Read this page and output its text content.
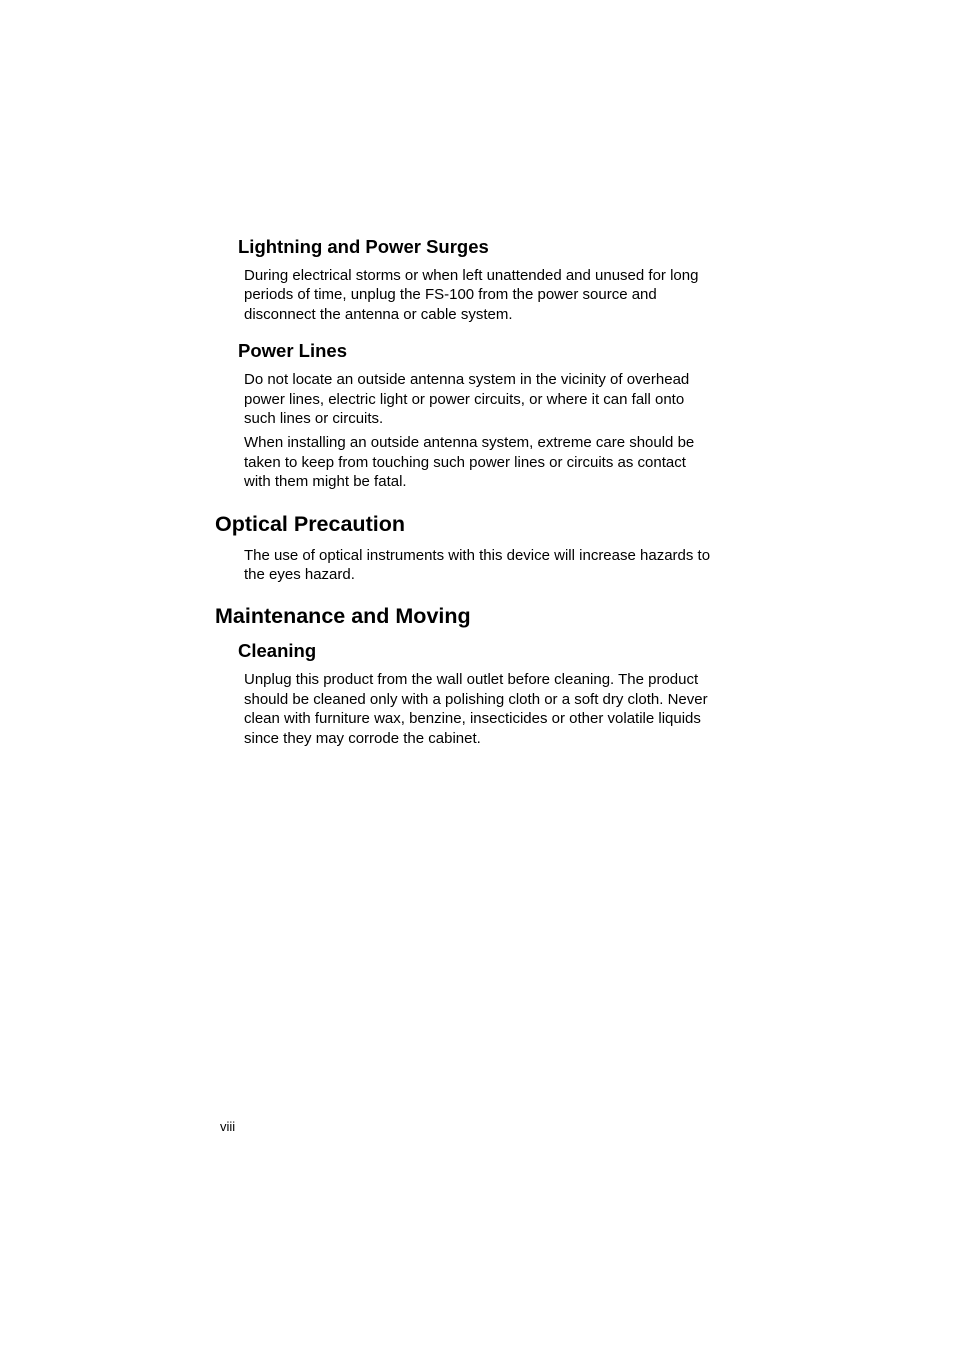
Lightning and Power Surges

During electrical storms or when left unattended and unused for long periods of time, unplug the FS-100 from the power source and disconnect the antenna or cable system.

Power Lines

Do not locate an outside antenna system in the vicinity of overhead power lines, electric light or power circuits, or where it can fall onto such lines or circuits.

When installing an outside antenna system, extreme care should be taken to keep from touching such power lines or circuits as contact with them might be fatal.

Optical Precaution

The use of optical instruments with this device will increase hazards to the eyes hazard.

Maintenance and Moving
Cleaning

Unplug this product from the wall outlet before cleaning. The product should be cleaned only with a polishing cloth or a soft dry cloth. Never clean with furniture wax, benzine, insecticides or other volatile liquids since they may corrode the cabinet.

viii
